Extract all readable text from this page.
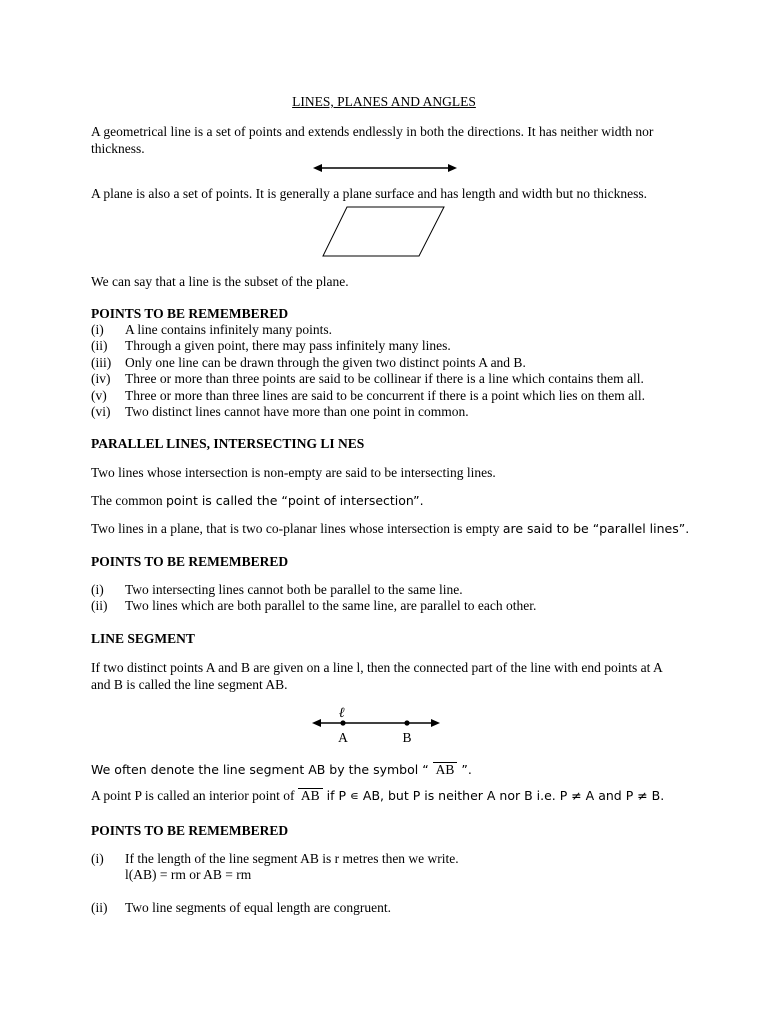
LINES, PLANES AND ANGLES
A geometrical line is a set of points and extends endlessly in both the directions. It has neither width nor
thickness.
A plane is also a set of points. It is generally a plane surface and has length and width but no thickness.
We can say that a line is the subset of the plane.
POINTS TO BE REMEMBERED
(i) A line contains infinitely many points.
(ii) Through a given point, there may pass infinitely many lines.
(iii) Only one line can be drawn through the given two distinct points A and B.
(iv) Three or more than three points are said to be collinear if there is a line which contains them all.
(v) Three or more than three lines are said to be concurrent if there is a point which lies on them all.
(vi) Two distinct lines cannot have more than one point in common.
PARALLEL LINES, INTERSECTING LI NES
Two lines whose intersection is non-empty are said to be intersecting lines.
The common point is called the “point of intersection”.
Two lines in a plane, that is two co-planar lines whose intersection is empty are said to be “parallel lines”.
POINTS TO BE REMEMBERED
(i) Two intersecting lines cannot both be parallel to the same line.
(ii) Two lines which are both parallel to the same line, are parallel to each other.
LINE SEGMENT
If two distinct points A and B are given on a line l, then the connected part of the line with end points at A
and B is called the line segment AB.
ℓ
A	B
We often denote the line segment AB by the symbol “ AB ”.
A point P is called an interior point of AB if P ∊ AB, but P is neither A nor B i.e. P ≠ A and P ≠ B.
POINTS TO BE REMEMBERED
(i) If the length of the line segment AB is r metres then we write.
l(AB) = rm or AB = rm
(ii) Two line segments of equal length are congruent.
